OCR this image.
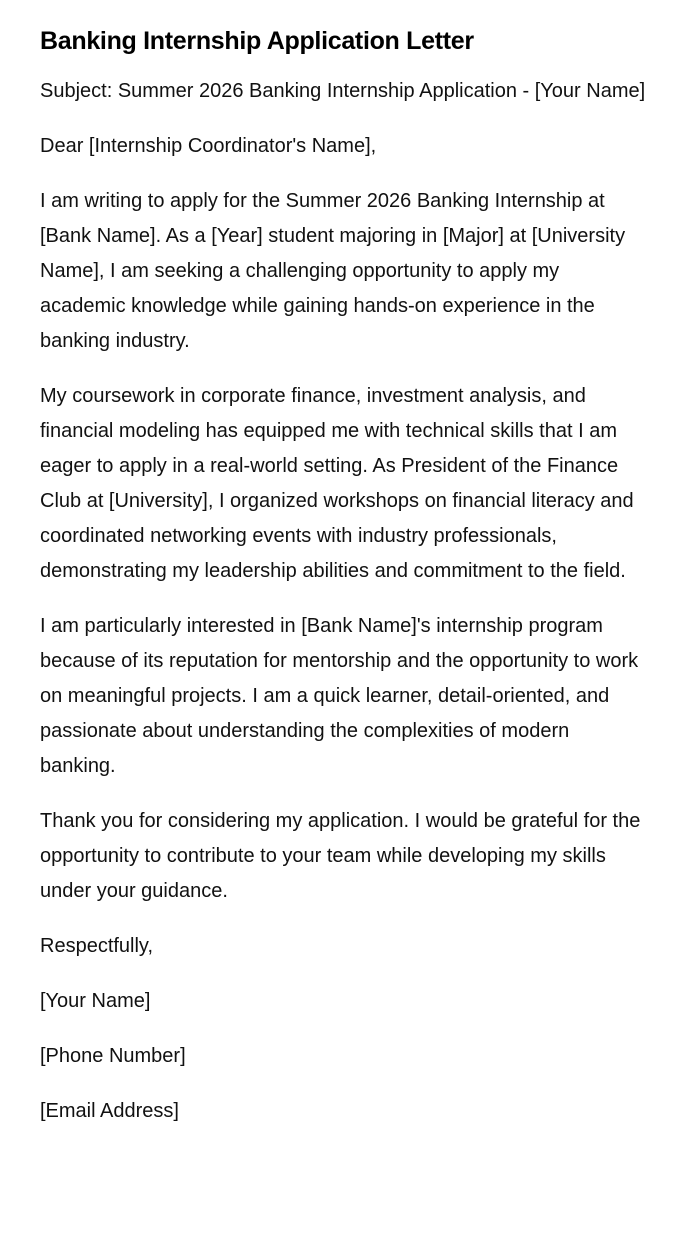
Banking Internship Application Letter

Subject: Summer 2026 Banking Internship Application - [Your Name]

Dear [Internship Coordinator's Name],

I am writing to apply for the Summer 2026 Banking Internship at [Bank Name]. As a [Year] student majoring in [Major] at [University Name], I am seeking a challenging opportunity to apply my academic knowledge while gaining hands-on experience in the banking industry.

My coursework in corporate finance, investment analysis, and financial modeling has equipped me with technical skills that I am eager to apply in a real-world setting. As President of the Finance Club at [University], I organized workshops on financial literacy and coordinated networking events with industry professionals, demonstrating my leadership abilities and commitment to the field.

I am particularly interested in [Bank Name]'s internship program because of its reputation for mentorship and the opportunity to work on meaningful projects. I am a quick learner, detail-oriented, and passionate about understanding the complexities of modern banking.

Thank you for considering my application. I would be grateful for the opportunity to contribute to your team while developing my skills under your guidance.

Respectfully,

[Your Name]

[Phone Number]

[Email Address]
